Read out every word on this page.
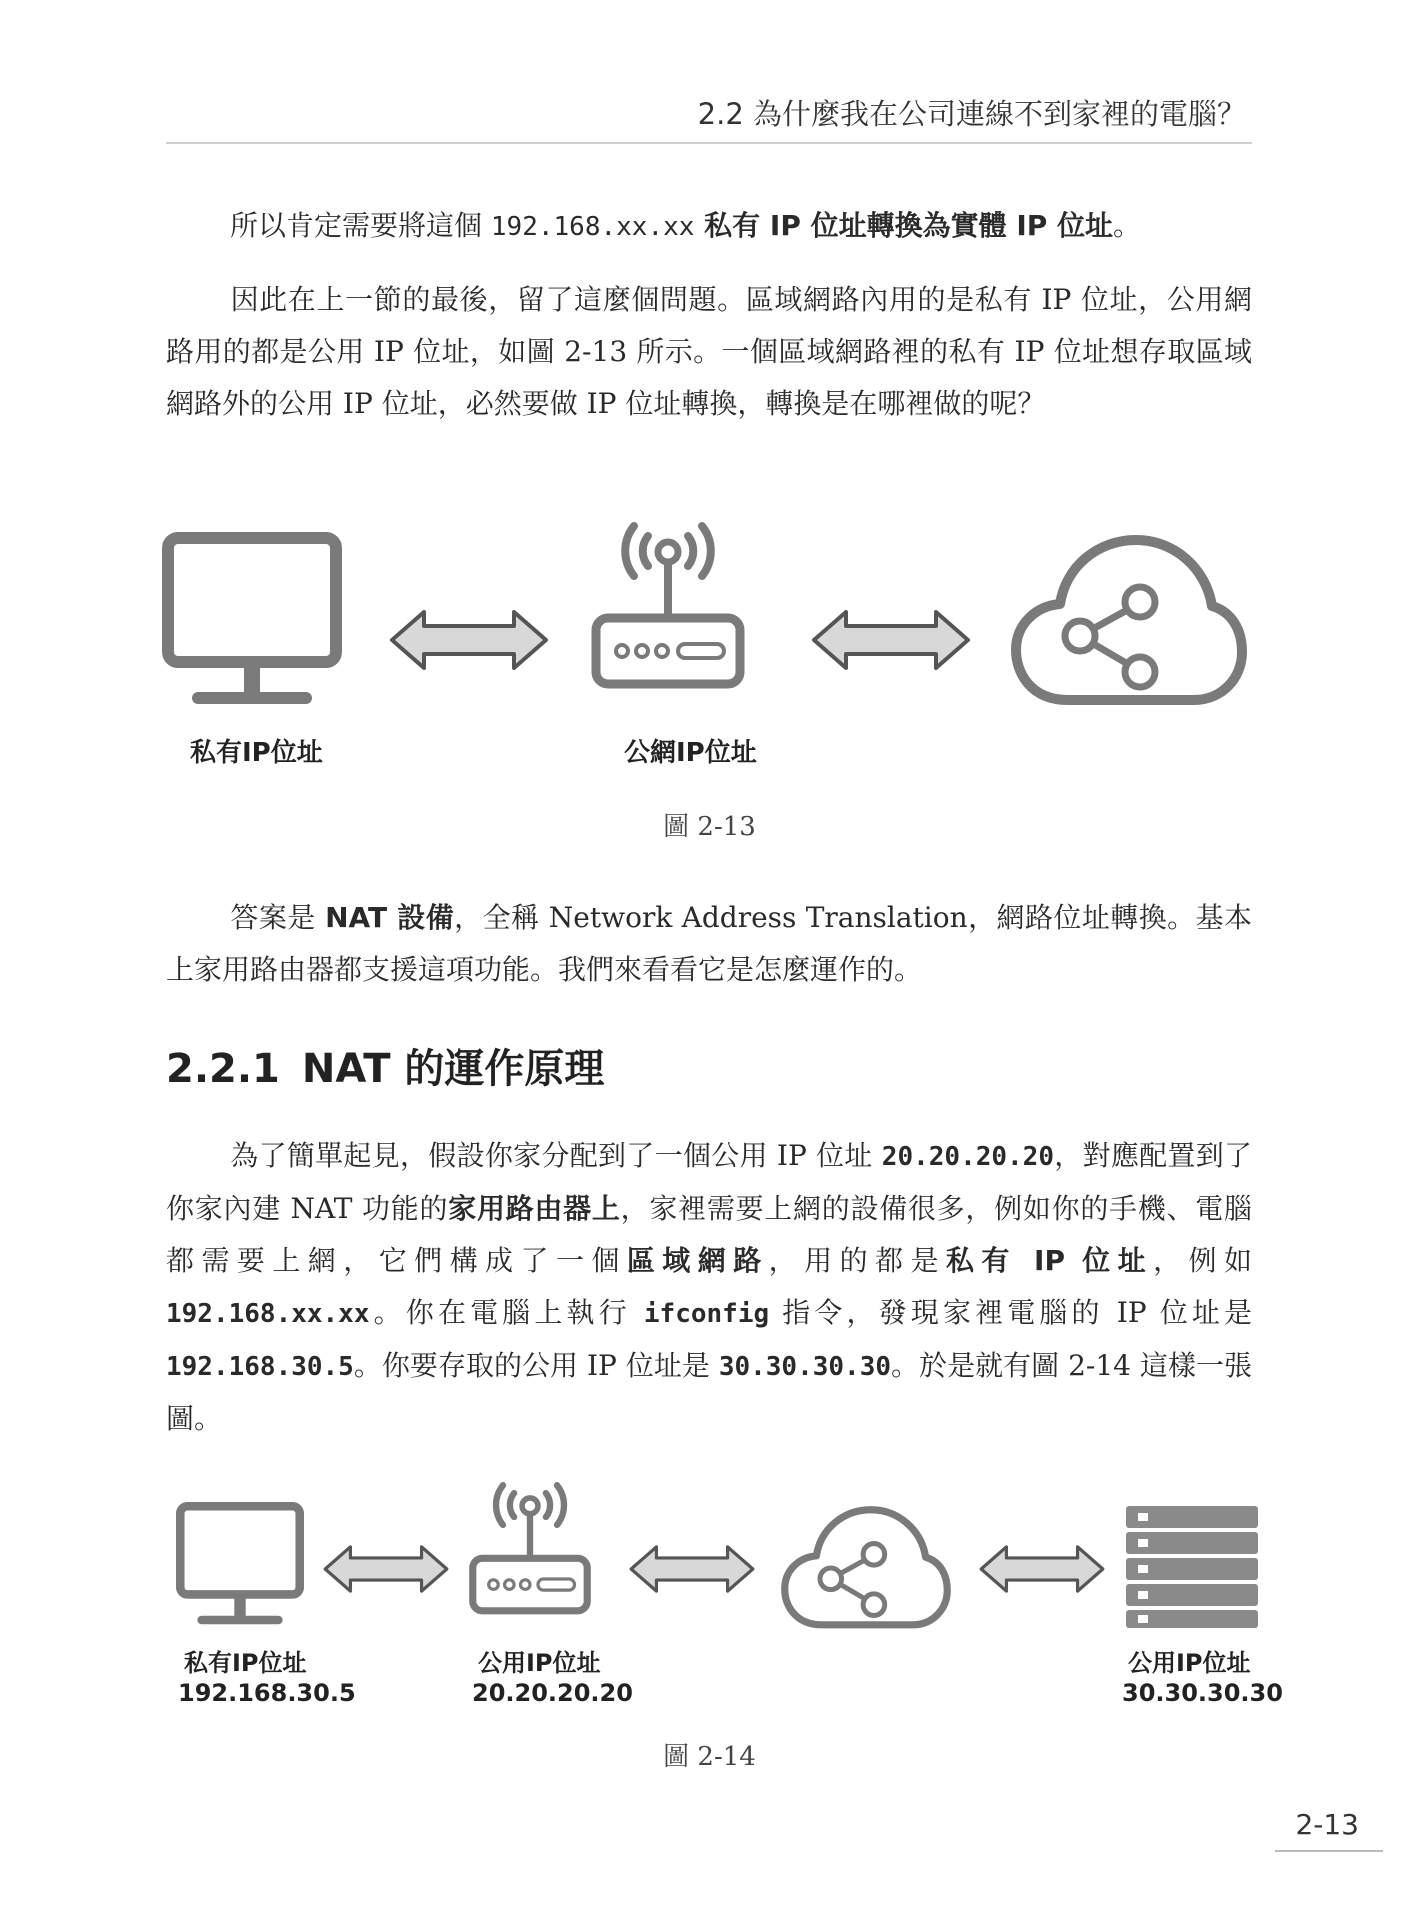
2.2 為什麼我在公司連線不到家裡的電腦？

所以肯定需要將這個 192.168.xx.xx 私有 IP 位址轉換為實體 IP 位址。

因此在上一節的最後，留了這麼個問題。區域網路內用的是私有 IP 位址，公用網路用的都是公用 IP 位址，如圖 2-13 所示。一個區域網路裡的私有 IP 位址想存取區域網路外的公用 IP 位址，必然要做 IP 位址轉換，轉換是在哪裡做的呢？

私有IP位址	公網IP位址
圖 2-13

答案是 NAT 設備，全稱 Network Address Translation，網路位址轉換。基本上家用路由器都支援這項功能。我們來看看它是怎麼運作的。

2.2.1 NAT 的運作原理

為了簡單起見，假設你家分配到了一個公用 IP 位址 20.20.20.20，對應配置到了你家內建 NAT 功能的家用路由器上，家裡需要上網的設備很多，例如你的手機、電腦都需要上網，它們構成了一個區域網路，用的都是私有 IP 位址，例如 192.168.xx.xx。你在電腦上執行 ifconfig 指令，發現家裡電腦的 IP 位址是 192.168.30.5。你要存取的公用 IP 位址是 30.30.30.30。於是就有圖 2-14 這樣一張圖。

私有IP位址
192.168.30.5
公用IP位址
20.20.20.20
公用IP位址
30.30.30.30
圖 2-14
2-13
